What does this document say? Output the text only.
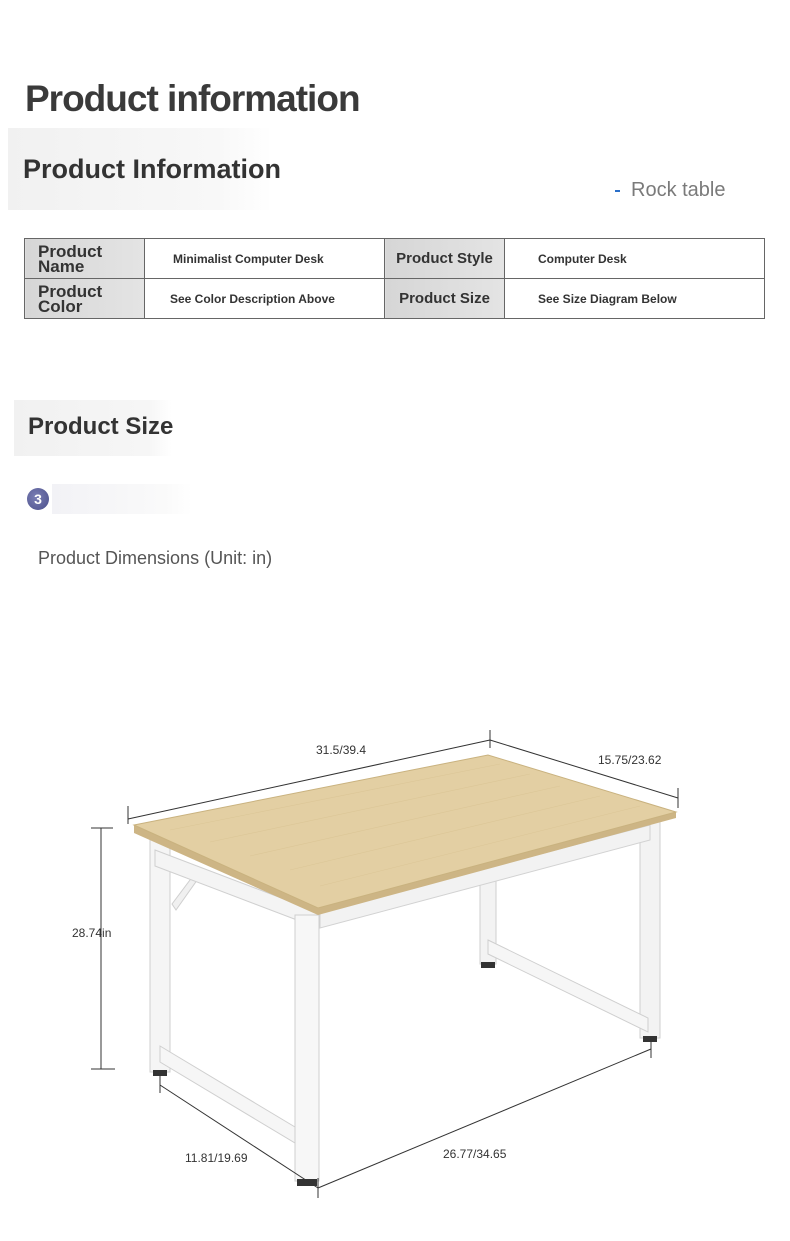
Product information
Product Information
Rock table
Product Name	Minimalist Computer Desk	Product Style	Computer Desk
Product Color	See Color Description Above	Product Size	See Size Diagram Below
Product Size
3
Product Dimensions (Unit: in)
31.5/39.4
15.75/23.62
28.74in
11.81/19.69	26.77/34.65
